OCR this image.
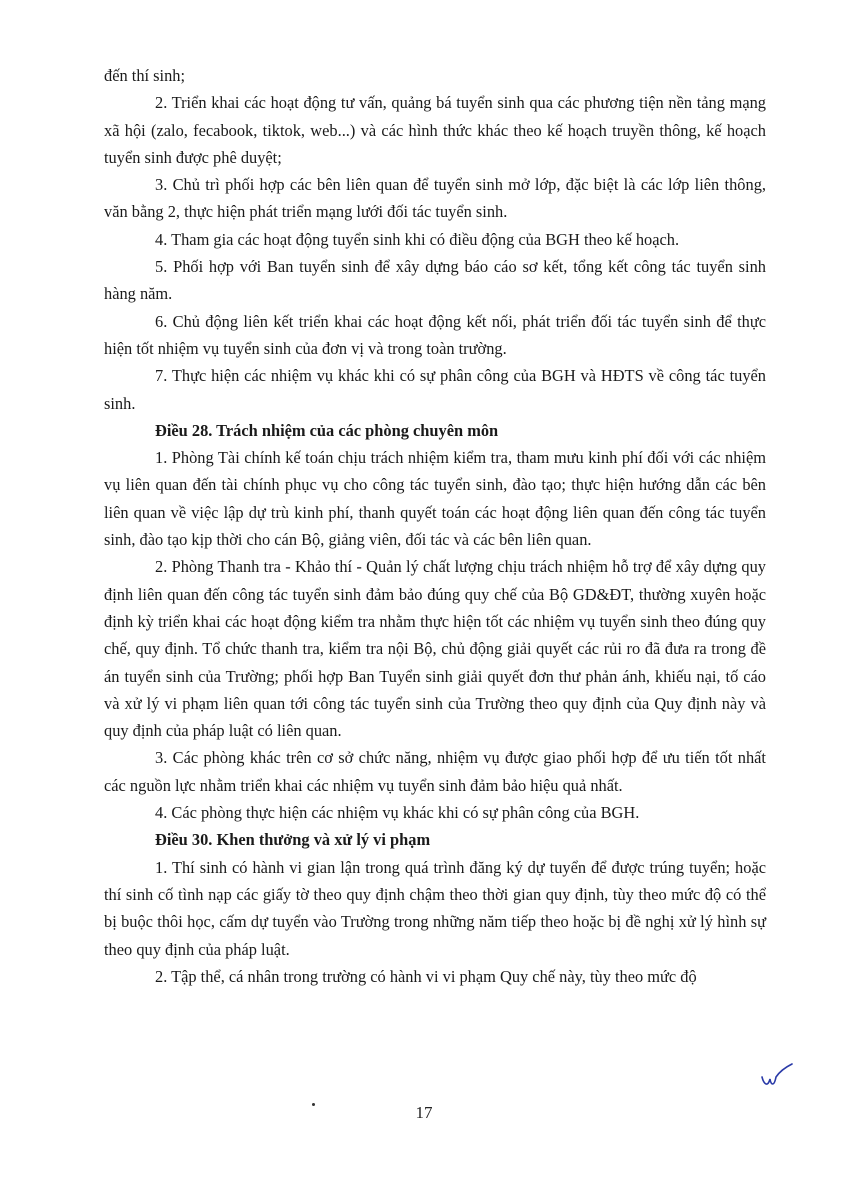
đến thí sinh;

2. Triển khai các hoạt động tư vấn, quảng bá tuyển sinh qua các phương tiện nền tảng mạng xã hội (zalo, fecabook, tiktok, web...) và các hình thức khác theo kế hoạch truyền thông, kế hoạch tuyển sinh được phê duyệt;

3. Chủ trì phối hợp các bên liên quan để tuyển sinh mở lớp, đặc biệt là các lớp liên thông, văn bằng 2, thực hiện phát triển mạng lưới đối tác tuyển sinh.

4. Tham gia các hoạt động tuyển sinh khi có điều động của BGH theo kế hoạch.

5. Phối hợp với Ban tuyển sinh để xây dựng báo cáo sơ kết, tổng kết công tác tuyển sinh hàng năm.

6. Chủ động liên kết triển khai các hoạt động kết nối, phát triển đối tác tuyển sinh để thực hiện tốt nhiệm vụ tuyển sinh của đơn vị và trong toàn trường.

7. Thực hiện các nhiệm vụ khác khi có sự phân công của BGH và HĐTS về công tác tuyển sinh.

Điều 28. Trách nhiệm của các phòng chuyên môn

1. Phòng Tài chính kế toán chịu trách nhiệm kiểm tra, tham mưu kinh phí đối với các nhiệm vụ liên quan đến tài chính phục vụ cho công tác tuyển sinh, đào tạo; thực hiện hướng dẫn các bên liên quan về việc lập dự trù kinh phí, thanh quyết toán các hoạt động liên quan đến công tác tuyển sinh, đào tạo kịp thời cho cán Bộ, giảng viên, đối tác và các bên liên quan.

2. Phòng Thanh tra - Khảo thí - Quản lý chất lượng chịu trách nhiệm hỗ trợ để xây dựng quy định liên quan đến công tác tuyển sinh đảm bảo đúng quy chế của Bộ GD&ĐT, thường xuyên hoặc định kỳ triển khai các hoạt động kiểm tra nhằm thực hiện tốt các nhiệm vụ tuyển sinh theo đúng quy chế, quy định. Tổ chức thanh tra, kiểm tra nội Bộ, chủ động giải quyết các rủi ro đã đưa ra trong đề án tuyển sinh của Trường; phối hợp Ban Tuyển sinh giải quyết đơn thư phản ánh, khiếu nại, tố cáo và xử lý vi phạm liên quan tới công tác tuyển sinh của Trường theo quy định của Quy định này và quy định của pháp luật có liên quan.

3. Các phòng khác trên cơ sở chức năng, nhiệm vụ được giao phối hợp để ưu tiến tốt nhất các nguồn lực nhằm triển khai các nhiệm vụ tuyển sinh đảm bảo hiệu quả nhất.

4. Các phòng thực hiện các nhiệm vụ khác khi có sự phân công của BGH.

Điều 30. Khen thưởng và xử lý vi phạm

1. Thí sinh có hành vi gian lận trong quá trình đăng ký dự tuyển để được trúng tuyển; hoặc thí sinh cố tình nạp các giấy tờ theo quy định chậm theo thời gian quy định, tùy theo mức độ có thể bị buộc thôi học, cấm dự tuyển vào Trường trong những năm tiếp theo hoặc bị đề nghị xử lý hình sự theo quy định của pháp luật.

2. Tập thể, cá nhân trong trường có hành vi vi phạm Quy chế này, tùy theo mức độ

17
